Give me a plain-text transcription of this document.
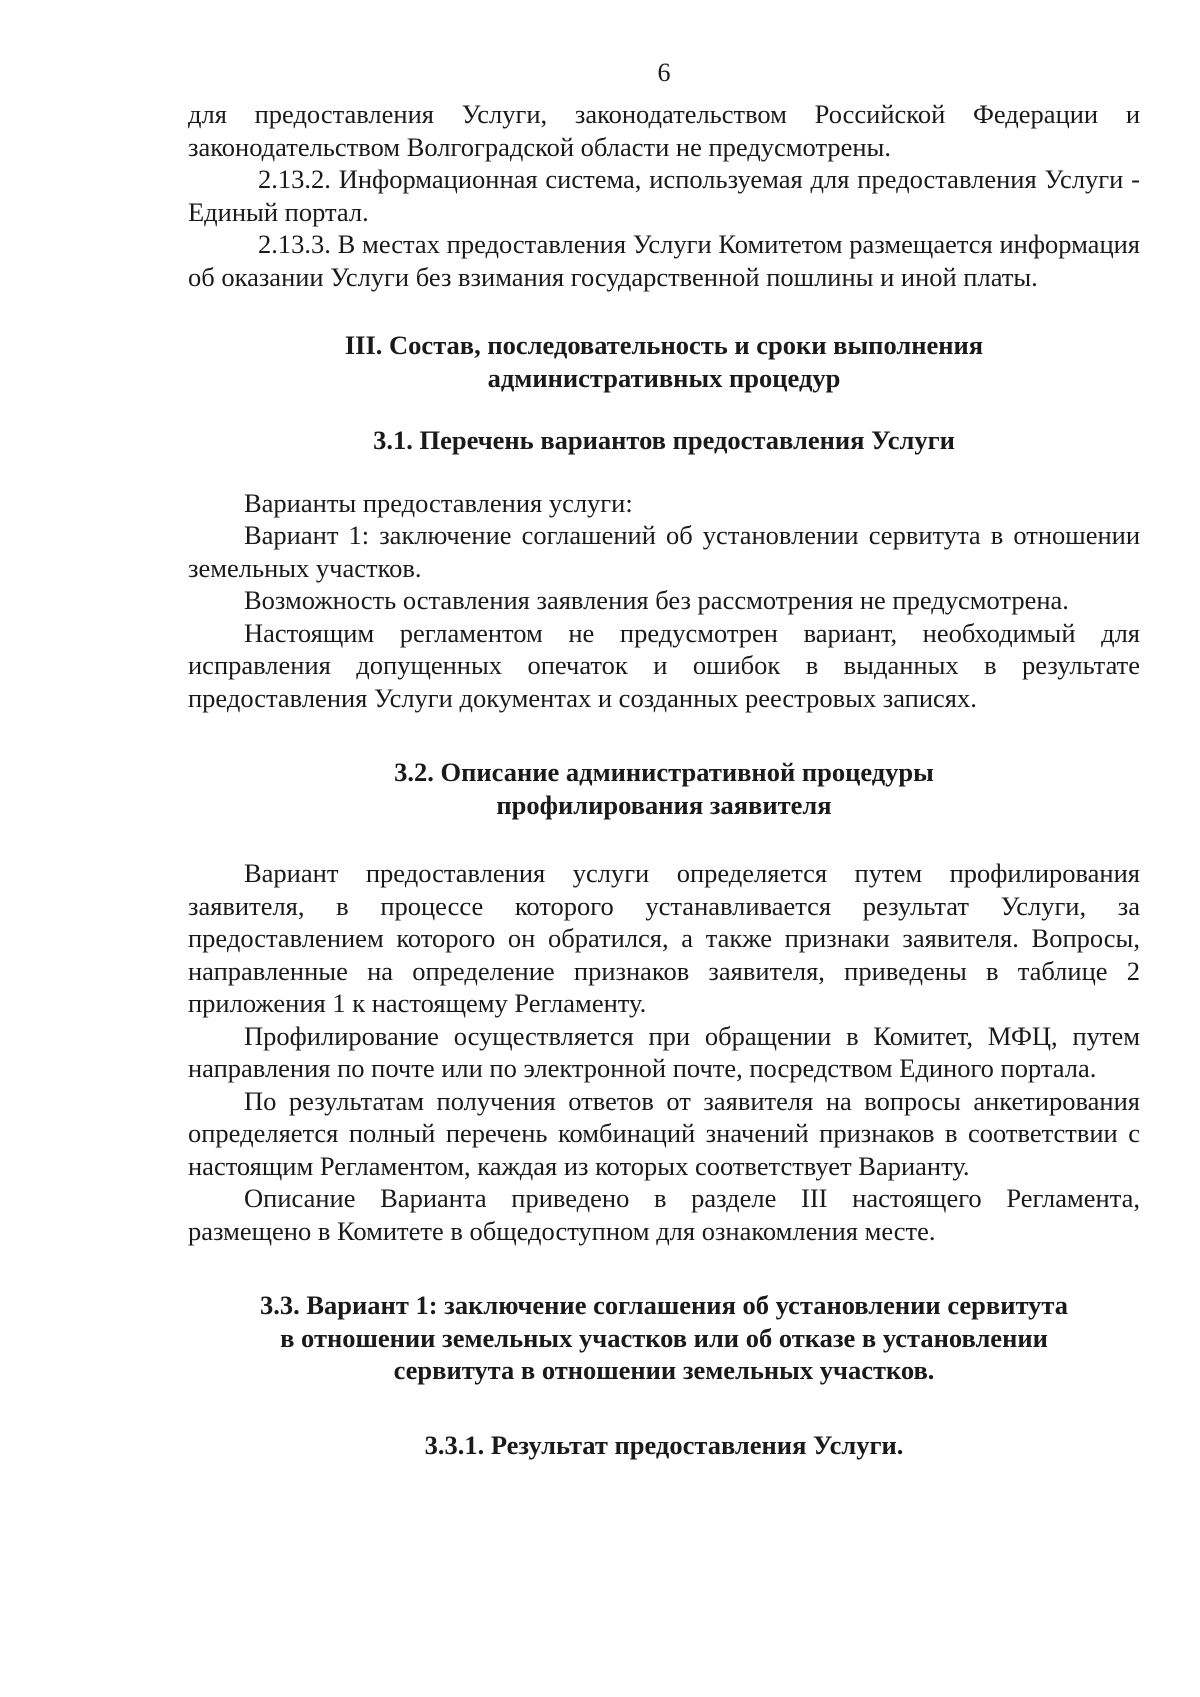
6

для предоставления Услуги, законодательством Российской Федерации и законодательством Волгоградской области не предусмотрены.

2.13.2. Информационная система, используемая для предоставления Услуги - Единый портал.

2.13.3. В местах предоставления Услуги Комитетом размещается информация об оказании Услуги без взимания государственной пошлины и иной платы.

III. Состав, последовательность и сроки выполнения
административных процедур
3.1. Перечень вариантов предоставления Услуги

Варианты предоставления услуги:

Вариант 1: заключение соглашений об установлении сервитута в отношении земельных участков.

Возможность оставления заявления без рассмотрения не предусмотрена.

Настоящим регламентом не предусмотрен вариант, необходимый для исправления допущенных опечаток и ошибок в выданных в результате предоставления Услуги документах и созданных реестровых записях.

3.2. Описание административной процедуры
профилирования заявителя

Вариант предоставления услуги определяется путем профилирования заявителя, в процессе которого устанавливается результат Услуги, за предоставлением которого он обратился, а также признаки заявителя. Вопросы, направленные на определение признаков заявителя, приведены в таблице 2 приложения 1 к настоящему Регламенту.

Профилирование осуществляется при обращении в Комитет, МФЦ, путем направления по почте или по электронной почте, посредством Единого портала.

По результатам получения ответов от заявителя на вопросы анкетирования определяется полный перечень комбинаций значений признаков в соответствии с настоящим Регламентом, каждая из которых соответствует Варианту.

Описание Варианта приведено в разделе III настоящего Регламента, размещено в Комитете в общедоступном для ознакомления месте.

3.3. Вариант 1: заключение соглашения об установлении сервитута
в отношении земельных участков или об отказе в установлении
сервитута в отношении земельных участков.
3.3.1. Результат предоставления Услуги.
